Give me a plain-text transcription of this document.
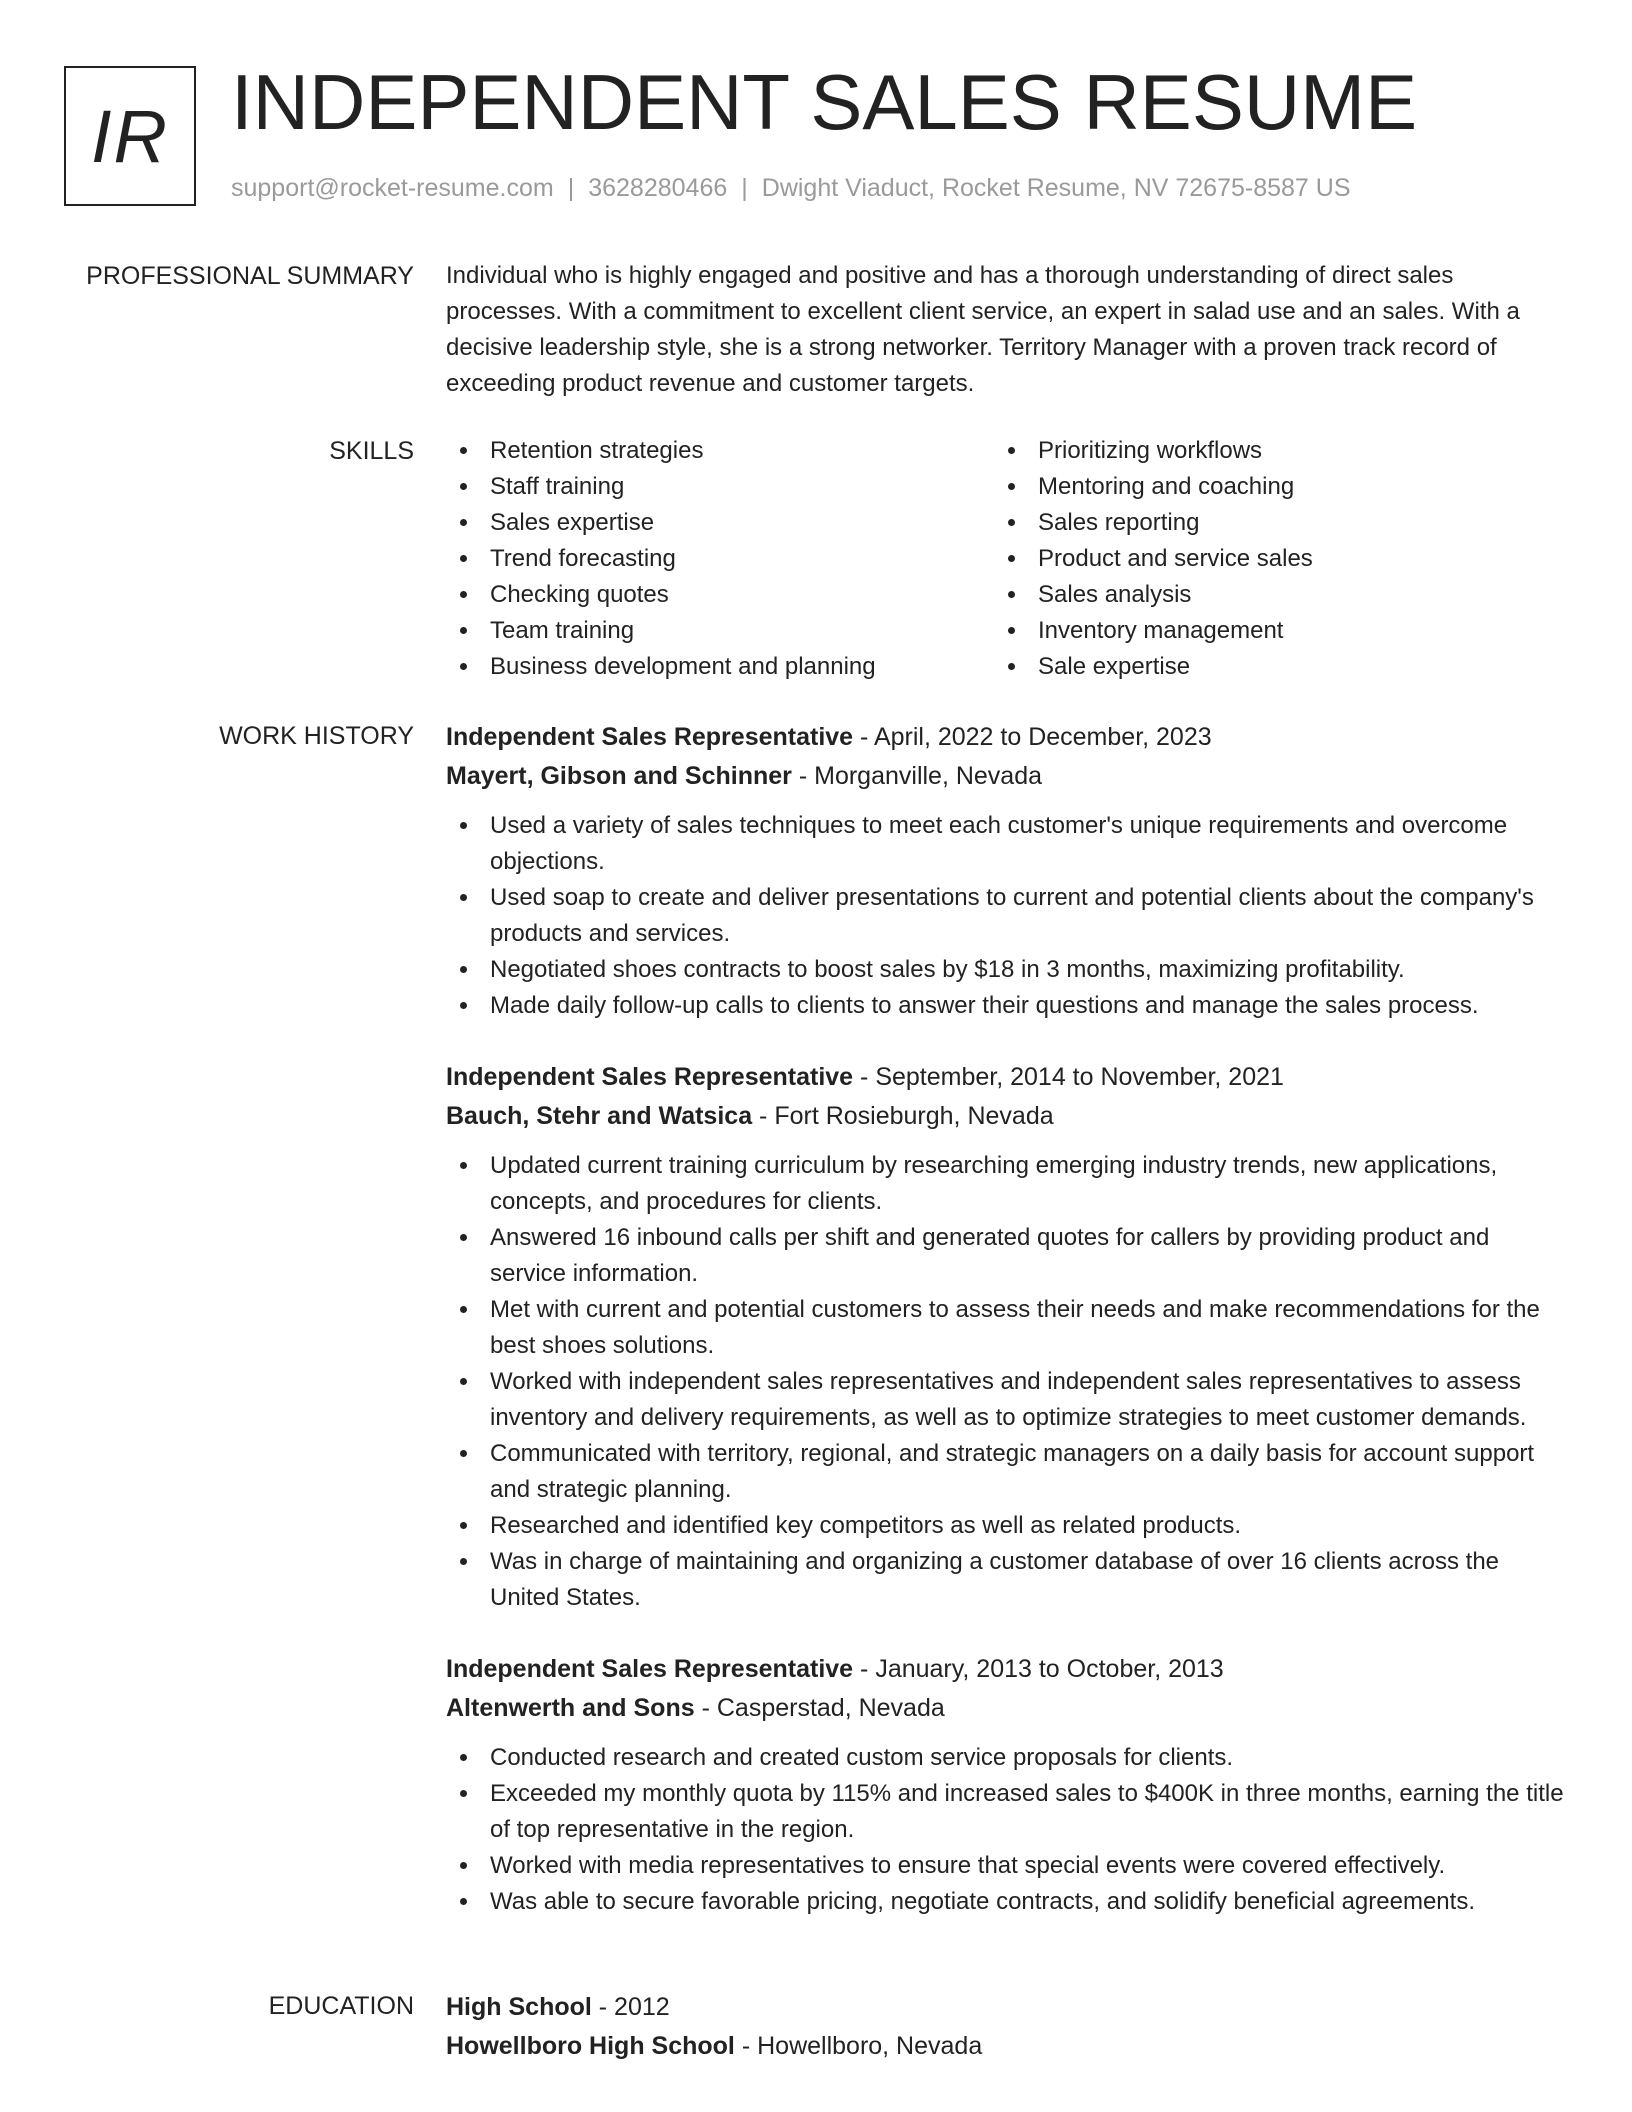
IR INDEPENDENT SALES RESUME
support@rocket-resume.com | 3628280466 | Dwight Viaduct, Rocket Resume, NV 72675-8587 US
PROFESSIONAL SUMMARY Individual who is highly engaged and positive and has a thorough understanding of direct sales processes. With a commitment to excellent client service, an expert in salad use and an sales. With a decisive leadership style, she is a strong networker. Territory Manager with a proven track record of exceeding product revenue and customer targets.

SKILLS	Retention strategies
Staff training
Sales expertise
Trend forecasting
Checking quotes
Team training
Business development and planning
Prioritizing workflows
Mentoring and coaching
Sales reporting
Product and service sales
Sales analysis
Inventory management
Sale expertise
WORK HISTORY Independent Sales Representative - April, 2022 to December, 2023
Mayert, Gibson and Schinner - Morganville, Nevada
Used a variety of sales techniques to meet each customer's unique requirements and overcome objections.
Used soap to create and deliver presentations to current and potential clients about the company's products and services.
Negotiated shoes contracts to boost sales by $18 in 3 months, maximizing profitability.
Made daily follow-up calls to clients to answer their questions and manage the sales process.
Independent Sales Representative - September, 2014 to November, 2021
Bauch, Stehr and Watsica - Fort Rosieburgh, Nevada
Updated current training curriculum by researching emerging industry trends, new applications, concepts, and procedures for clients.
Answered 16 inbound calls per shift and generated quotes for callers by providing product and service information.
Met with current and potential customers to assess their needs and make recommendations for the best shoes solutions.
Worked with independent sales representatives and independent sales representatives to assess inventory and delivery requirements, as well as to optimize strategies to meet customer demands.
Communicated with territory, regional, and strategic managers on a daily basis for account support and strategic planning.
Researched and identified key competitors as well as related products.
Was in charge of maintaining and organizing a customer database of over 16 clients across the United States.
Independent Sales Representative - January, 2013 to October, 2013
Altenwerth and Sons - Casperstad, Nevada
Conducted research and created custom service proposals for clients.
Exceeded my monthly quota by 115% and increased sales to $400K in three months, earning the title of top representative in the region.
Worked with media representatives to ensure that special events were covered effectively.
Was able to secure favorable pricing, negotiate contracts, and solidify beneficial agreements.
EDUCATION High School - 2012
Howellboro High School - Howellboro, Nevada
